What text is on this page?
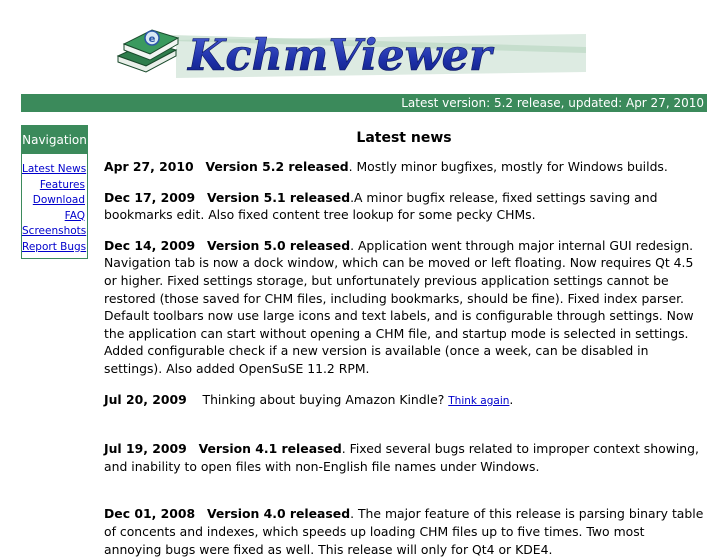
e KchmViewer
Latest version: 5.2 release, updated: Apr 27, 2010
Navigation
Latest News
Features
Download
FAQ
Screenshots
Report Bugs
Latest news

Apr 27, 2010 Version 5.2 released. Mostly minor bugfixes, mostly for Windows builds.

Dec 17, 2009 Version 5.1 released.A minor bugfix release, fixed settings saving and bookmarks edit. Also fixed content tree lookup for some pecky CHMs.

Dec 14, 2009 Version 5.0 released. Application went through major internal GUI redesign. Navigation tab is now a dock window, which can be moved or left floating. Now requires Qt 4.5 or higher. Fixed settings storage, but unfortunately previous application settings cannot be restored (those saved for CHM files, including bookmarks, should be fine). Fixed index parser. Default toolbars now use large icons and text labels, and is configurable through settings. Now the application can start without opening a CHM file, and startup mode is selected in settings. Added configurable check if a new version is available (once a week, can be disabled in settings). Also added OpenSuSE 11.2 RPM.

Jul 20, 2009 Thinking about buying Amazon Kindle? Think again.

Jul 19, 2009 Version 4.1 released. Fixed several bugs related to improper context showing, and inability to open files with non-English file names under Windows.

Dec 01, 2008 Version 4.0 released. The major feature of this release is parsing binary table of concents and indexes, which speeds up loading CHM files up to five times. Two most annoying bugs were fixed as well. This release will only for Qt4 or KDE4.
